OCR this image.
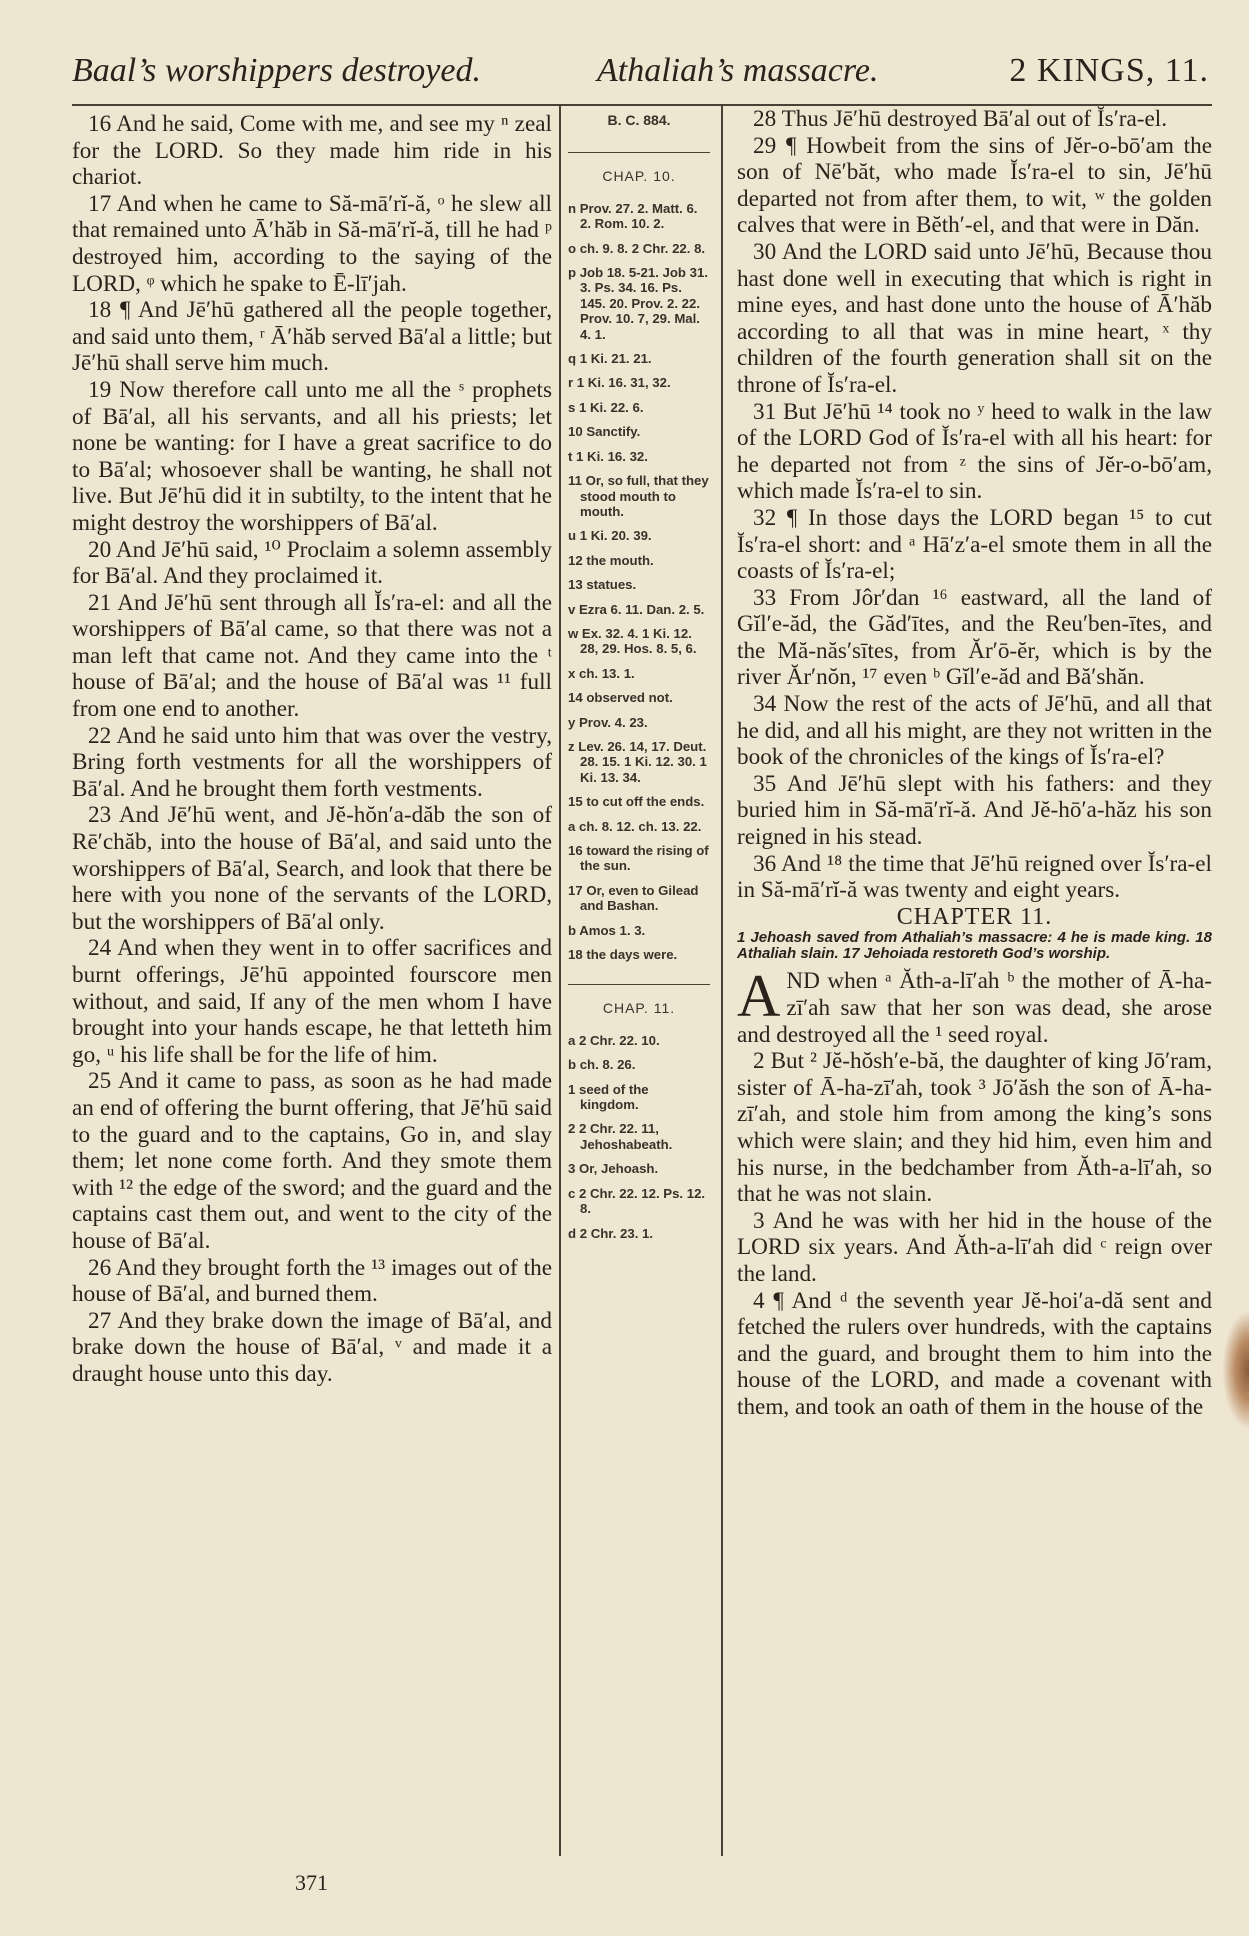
Baal’s worshippers destroyed.	Athaliah’s massacre.	2 KINGS, 11.

16 And he said, Come with me, and see my ⁿ zeal for the LORD. So they made him ride in his chariot.

17 And when he came to Să-mā′rĭ-ă, ᵒ he slew all that remained unto Ā′hăb in Să-mā′rĭ-ă, till he had ᵖ destroyed him, according to the saying of the LORD, ᵠ which he spake to Ē-lī′jah.

18 ¶ And Jē′hū gathered all the people together, and said unto them, ʳ Ā′hăb served Bā′al a little; but Jē′hū shall serve him much.

19 Now therefore call unto me all the ˢ prophets of Bā′al, all his servants, and all his priests; let none be wanting: for I have a great sacrifice to do to Bā′al; whosoever shall be wanting, he shall not live. But Jē′hū did it in subtilty, to the intent that he might destroy the worshippers of Bā′al.

20 And Jē′hū said, ¹⁰ Proclaim a solemn assembly for Bā′al. And they proclaimed it.

21 And Jē′hū sent through all Ĭs′ra-el: and all the worshippers of Bā′al came, so that there was not a man left that came not. And they came into the ᵗ house of Bā′al; and the house of Bā′al was ¹¹ full from one end to another.

22 And he said unto him that was over the vestry, Bring forth vestments for all the worshippers of Bā′al. And he brought them forth vestments.

23 And Jē′hū went, and Jĕ-hŏn′a-dăb the son of Rē′chăb, into the house of Bā′al, and said unto the worshippers of Bā′al, Search, and look that there be here with you none of the servants of the LORD, but the worshippers of Bā′al only.

24 And when they went in to offer sacrifices and burnt offerings, Jē′hū appointed fourscore men without, and said, If any of the men whom I have brought into your hands escape, he that letteth him go, ᵘ his life shall be for the life of him.

25 And it came to pass, as soon as he had made an end of offering the burnt offering, that Jē′hū said to the guard and to the captains, Go in, and slay them; let none come forth. And they smote them with ¹² the edge of the sword; and the guard and the captains cast them out, and went to the city of the house of Bā′al.

26 And they brought forth the ¹³ images out of the house of Bā′al, and burned them.

27 And they brake down the image of Bā′al, and brake down the house of Bā′al, ᵛ and made it a draught house unto this day.

B. C. 884.
CHAP. 10.
n Prov. 27. 2. Matt. 6. 2. Rom. 10. 2.
o ch. 9. 8. 2 Chr. 22. 8.
p Job 18. 5-21. Job 31. 3. Ps. 34. 16. Ps. 145. 20. Prov. 2. 22. Prov. 10. 7, 29. Mal. 4. 1.
q 1 Ki. 21. 21.
r 1 Ki. 16. 31, 32.
s 1 Ki. 22. 6.
10 Sanctify.
t 1 Ki. 16. 32.
11 Or, so full, that they stood mouth to mouth.
u 1 Ki. 20. 39.
12 the mouth.
13 statues.
v Ezra 6. 11. Dan. 2. 5.
w Ex. 32. 4. 1 Ki. 12. 28, 29. Hos. 8. 5, 6.
x ch. 13. 1.
14 observed not.
y Prov. 4. 23.
z Lev. 26. 14, 17. Deut. 28. 15. 1 Ki. 12. 30. 1 Ki. 13. 34.
15 to cut off the ends.
a ch. 8. 12. ch. 13. 22.
16 toward the rising of the sun.
17 Or, even to Gilead and Bashan.
b Amos 1. 3.
18 the days were.
CHAP. 11.
a 2 Chr. 22. 10.
b ch. 8. 26.
1 seed of the kingdom.
2 2 Chr. 22. 11, Jehoshabeath.
3 Or, Jehoash.
c 2 Chr. 22. 12. Ps. 12. 8.
d 2 Chr. 23. 1.

28 Thus Jē′hū destroyed Bā′al out of Ĭs′ra-el.

29 ¶ Howbeit from the sins of Jĕr-o-bō′am the son of Nē′băt, who made Ĭs′ra-el to sin, Jē′hū departed not from after them, to wit, ʷ the golden calves that were in Bĕth′-el, and that were in Dăn.

30 And the LORD said unto Jē′hū, Because thou hast done well in executing that which is right in mine eyes, and hast done unto the house of Ā′hăb according to all that was in mine heart, ˣ thy children of the fourth generation shall sit on the throne of Ĭs′ra-el.

31 But Jē′hū ¹⁴ took no ʸ heed to walk in the law of the LORD God of Ĭs′ra-el with all his heart: for he departed not from ᶻ the sins of Jĕr-o-bō′am, which made Ĭs′ra-el to sin.

32 ¶ In those days the LORD began ¹⁵ to cut Ĭs′ra-el short: and ᵃ Hā′z′a-el smote them in all the coasts of Ĭs′ra-el;

33 From Jôr′dan ¹⁶ eastward, all the land of Gĭl′e-ăd, the Găd′ītes, and the Reu′ben-ītes, and the Mă-năs′sītes, from Ăr′ō-ĕr, which is by the river Ăr′nŏn, ¹⁷ even ᵇ Gĭl′e-ăd and Bă′shăn.

34 Now the rest of the acts of Jē′hū, and all that he did, and all his might, are they not written in the book of the chronicles of the kings of Ĭs′ra-el?

35 And Jē′hū slept with his fathers: and they buried him in Să-mā′rĭ-ă. And Jĕ-hō′a-hăz his son reigned in his stead.

36 And ¹⁸ the time that Jē′hū reigned over Ĭs′ra-el in Să-mā′rĭ-ă was twenty and eight years.

CHAPTER 11.

1 Jehoash saved from Athaliah’s massacre: 4 he is made king. 18 Athaliah slain. 17 Jehoiada restoreth God’s worship.

AND when ᵃ Ăth-a-lī′ah ᵇ the mother of Ā-ha-zī′ah saw that her son was dead, she arose and destroyed all the ¹ seed royal.

2 But ² Jĕ-hŏsh′e-bă, the daughter of king Jō′ram, sister of Ā-ha-zī′ah, took ³ Jō′ăsh the son of Ā-ha-zī′ah, and stole him from among the king’s sons which were slain; and they hid him, even him and his nurse, in the bedchamber from Ăth-a-lī′ah, so that he was not slain.

3 And he was with her hid in the house of the LORD six years. And Ăth-a-lī′ah did ᶜ reign over the land.

4 ¶ And ᵈ the seventh year Jĕ-hoi′a-dă sent and fetched the rulers over hundreds, with the captains and the guard, and brought them to him into the house of the LORD, and made a covenant with them, and took an oath of them in the house of the

371
